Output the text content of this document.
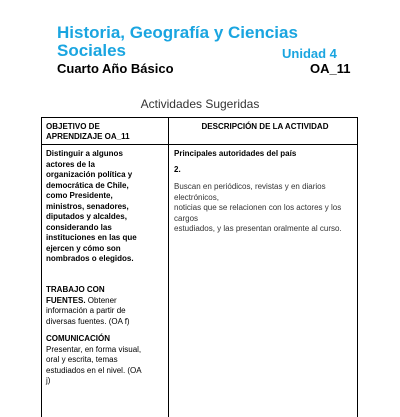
Historia, Geografía y Ciencias
Sociales	Unidad 4
Cuarto Año Básico	OA_11
Actividades Sugeridas
OBJETIVO DE
APRENDIZAJE OA_11
DESCRIPCIÓN DE LA ACTIVIDAD
Distinguir a algunos
actores de la
organización política y
democrática de Chile,
como Presidente,
ministros, senadores,
diputados y alcaldes,
considerando las
instituciones en las que
ejercen y cómo son
nombrados o elegidos.
TRABAJO CON
FUENTES. Obtener
información a partir de
diversas fuentes. (OA f)
COMUNICACIÓN
Presentar, en forma visual,
oral y escrita, temas
estudiados en el nivel. (OA
j)
Principales autoridades del país
2.
Buscan en periódicos, revistas y en diarios electrónicos,
noticias que se relacionen con los actores y los cargos
estudiados, y las presentan oralmente al curso.
